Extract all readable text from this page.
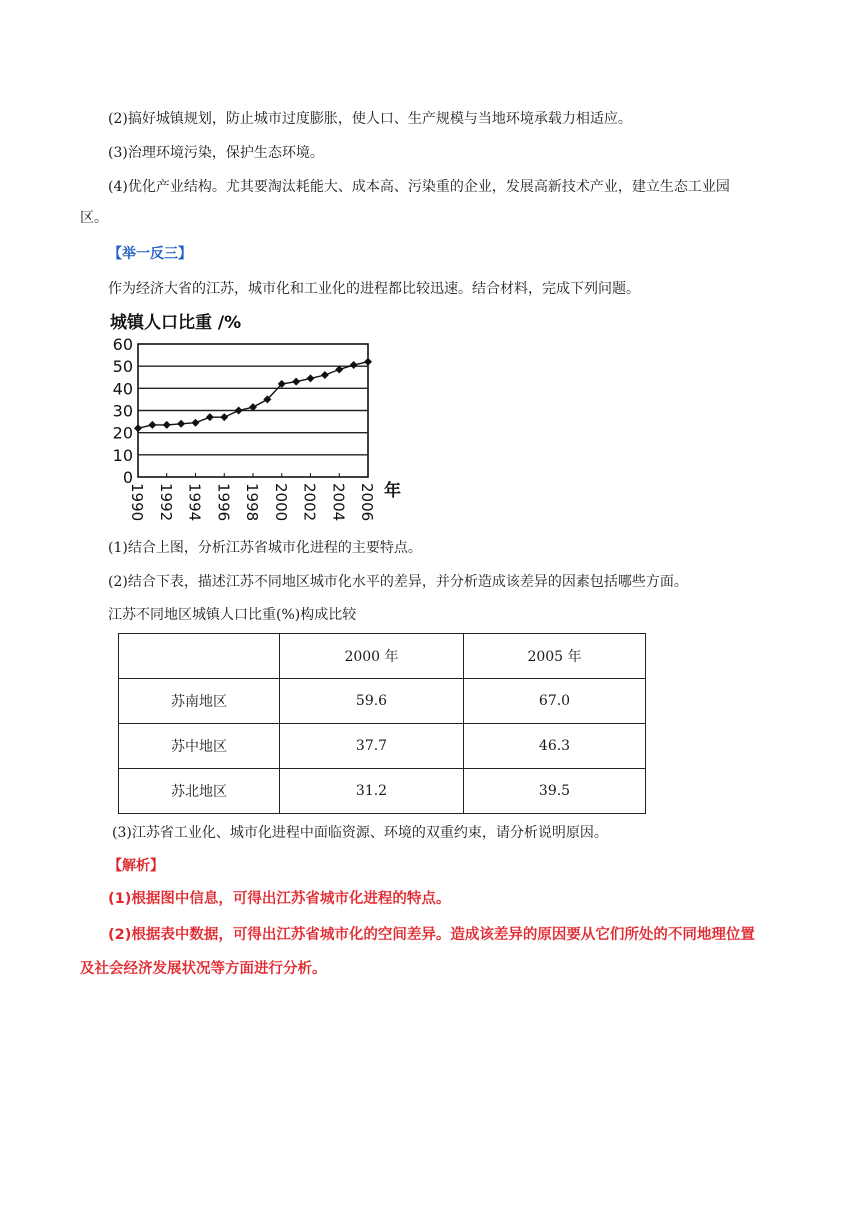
(2)搞好城镇规划，防止城市过度膨胀，使人口、生产规模与当地环境承载力相适应。
(3)治理环境污染，保护生态环境。
(4)优化产业结构。尤其要淘汰耗能大、成本高、污染重的企业，发展高新技术产业，建立生态工业园
区。
【举一反三】
作为经济大省的江苏，城市化和工业化的进程都比较迅速。结合材料，完成下列问题。
城镇人口比重 /%
60
50
40
30
20
10
0
1990 1992 1994 1996 1998 2000 2002 2004 2006 年
(1)结合上图，分析江苏省城市化进程的主要特点。
(2)结合下表，描述江苏不同地区城市化水平的差异，并分析造成该差异的因素包括哪些方面。
江苏不同地区城镇人口比重(%)构成比较
	2000 年	2005 年
苏南地区	59.6	67.0
苏中地区	37.7	46.3
苏北地区	31.2	39.5
(3)江苏省工业化、城市化进程中面临资源、环境的双重约束，请分析说明原因。
【解析】
(1)根据图中信息，可得出江苏省城市化进程的特点。
(2)根据表中数据，可得出江苏省城市化的空间差异。造成该差异的原因要从它们所处的不同地理位置
及社会经济发展状况等方面进行分析。
